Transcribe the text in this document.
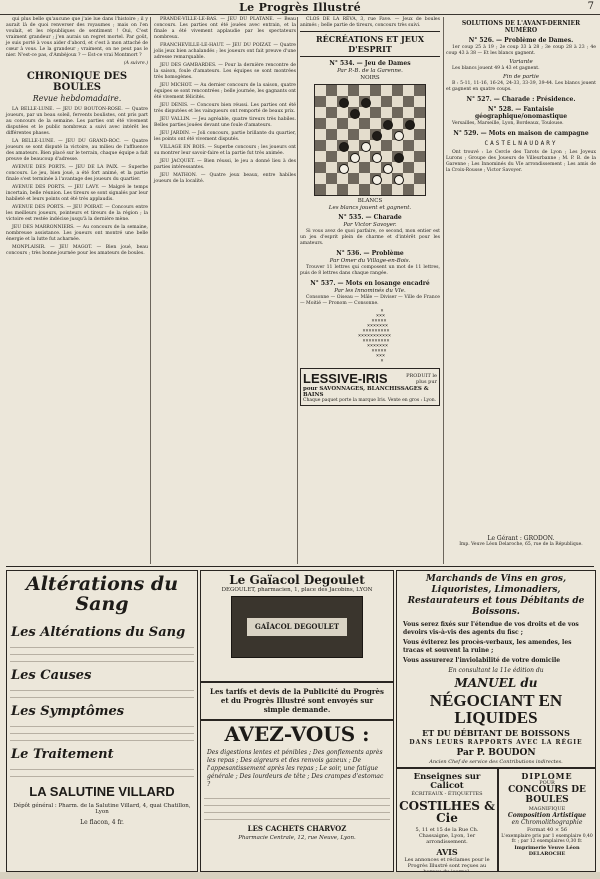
Le Progrès Illustré	7

qui plus belle qu'aucune que j'aie lue dans l'histoire ; il y aurait là de quoi renverser des royaumes ; mais on l'en voulait, et les républiques de sentiment ! Oui, C'est vraiment grandeur ; j'en aurais un regret mortel. Par goût, je suis porté à vous aider d'abord, et c'est à mon attaché de cœur à vous. Le la grandeur ; vraiment, on ne peut pas le nier. N'est-ce pas, d'Ambèjoux ? — Est-ce vrai Montmort ?

(A suivre.)

CHRONIQUE DES BOULES
Revue hebdomadaire.

LA BELLE-LUNE. — JEU DU BOUTON-ROSE. — Quatre joueurs, par un beau soleil, fervents boulistes, ont pris part au concours de la semaine. Les parties ont été vivement disputées et le public nombreux a suivi avec intérêt les différentes phases.

LA BELLE-LUNE. — JEU DU GRAND-ROC. — Quatre joueurs se sont disputé la victoire, au milieu de l'affluence des amateurs. Bien placé sur le terrain, chaque équipe a fait preuve de beaucoup d'adresse.

AVENUE DES PORTS. — JEU DE LA PAIX. — Superbe concours. Le jeu, bien joué, a été fort animé, et la partie finale s'est terminée à l'avantage des joueurs du quartier.

AVENUE DES PORTS. — JEU LAVY. — Malgré le temps incertain, belle réunion. Les tireurs se sont signalés par leur habileté et leurs points ont été très applaudis.

AVENUE DES PORTS. — JEU POIRAT. — Concours entre les meilleurs joueurs, pointeurs et tireurs de la région ; la victoire est restée indécise jusqu'à la dernière mène.

JEU DES MARRONNIERS. — Au concours de la semaine, nombreuse assistance. Les joueurs ont montré une belle énergie et la lutte fut acharnée.

MONPLAISIR. — JEU MAGOT. — Bien joué, beau concours ; très bonne journée pour les amateurs de boules.

PRANDE-VILLE-LE-BAS. — JEU DU PLATANE. — Beau concours. Les parties ont été jouées avec entrain, et la finale a été vivement applaudie par les spectateurs nombreux.

FRANCHEVILLE-LE-HAUT. — JEU DU POIZAT. — Quatre jolis jeux bien achalandés ; les joueurs ont fait preuve d'une adresse remarquable.

JEU DES GAMBARDES. — Pour la dernière rencontre de la saison, foule d'amateurs. Les équipes se sont montrées très homogènes.

JEU MICHOT. — Au dernier concours de la saison, quatre équipes se sont rencontrées ; belle journée, les gagnants ont été vivement félicités.

JEU DENIS. — Concours bien réussi. Les parties ont été très disputées et les vainqueurs ont remporté de beaux prix.

JEU VALLIN. — Jeu agréable, quatre tireurs très habiles. Belles parties jouées devant une foule d'amateurs.

JEU JARDIN. — Joli concours, partie brillante du quartier, les points ont été vivement disputés.

VILLAGE EN BOIS. — Superbe concours ; les joueurs ont su montrer leur savoir-faire et la partie fut très animée.

JEU JACQUET. — Bien réussi, le jeu a donné lieu à des parties intéressantes.

JEU MATHON. — Quatre jeux beaux, entre habiles joueurs de la localité.

CLOS DE LA RÉVA, 3, rue Fave. — Jeux de boules animés ; belle partie de tireurs, concours très suivi.

RÉCRÉATIONS ET JEUX D'ESPRIT
N° 534. — Jeu de Dames
Par P.-B. de la Garenne.
NOIRS
BLANCS
Les blancs jouent et gagnent.
N° 535. — Charade
Par Victor Savoyer.

Si vous avez de quoi parfaire, ce second, mon entier est un jeu d'esprit plein de charme et d'intérêt pour les amateurs.

N° 536. — Problème
Par Omer du Village-en-Bois.

Trouver 11 lettres qui composent un mot de 11 lettres, puis de 8 lettres dans chaque rangée.

N° 537. — Mots en losange encadré
Par les Innominés du VIe.

Consonne — Oiseau — Mâle — Diviser — Ville de France — Moitié — Pronom — Consonne.

×
×××
×××××
×××××××
×××××××××
×××××××××××
×××××××××
×××××××
×××××
×××
×
LESSIVE-IRIS	PRODUIT le plus pur
pour SAVONNAGES, BLANCHISSAGES & BAINS
Chaque paquet porte la marque Iris. Vente en gros : Lyon.
SOLUTIONS DE L'AVANT-DERNIER NUMÉRO
N° 526. — Problème de Dames.

1er coup 25 à 19 ; 2e coup 33 à 28 ; 3e coup 28 à 23 ; 4e coup 43 à 38 — Et les blancs gagnent.

Variante

Les blancs jouent 49 à 43 et gagnent.

Fin de partie

B : 5-11, 11-16, 16-24, 24-33, 33-39, 39-44. Les blancs jouent et gagnent en quatre coups.

N° 527. — Charade : Présidence.
N° 528. — Fantaisie géographique/onomastique

Versailles, Marseille, Lyon, Bordeaux, Toulouse.

N° 529. — Mots en maison de campagne
CASTELNAUDARY

Ont trouvé : Le Cercle des Tarots de Lyon ; Les Joyeux Lurons ; Groupe des Joueurs de Villeurbanne ; M. P. B. de la Garenne ; Les Innominés du VIe arrondissement ; Les amis de la Croix-Rousse ; Victor Savoyer.

Le Gérant : GRODON.
Imp. Veuve Léon Delaroche, 65, rue de la République.
Altérations du Sang
Les Altérations du Sang
Les Causes
Les Symptômes
Le Traitement
LA SALUTINE VILLARD
Dépôt général : Pharm. de la Salutine Villard, 4, quai Chatillon, Lyon
Le flacon, 4 fr.
Le Gaïacol Degoulet
DEGOULET, pharmacien, 1, place des Jacobins, LYON
GAÏACOL DEGOULET
Les tarifs et devis de la Publicité du Progrès et du Progrès Illustré sont envoyés sur simple demande.
AVEZ-VOUS :
Des digestions lentes et pénibles ; Des gonflements après les repas ; Des aigreurs et des renvois gazeux ; De l'appesantissement après les repas ; Le soir, une fatigue générale ; Des lourdeurs de tête ; Des crampes d'estomac ?
LES CACHETS CHARVOZ
Pharmacie Centrale, 12, rue Neuve, Lyon.
Marchands de Vins en gros, Liquoristes, Limonadiers, Restaurateurs et tous Débitants de Boissons.
Vous serez fixés sur l'étendue de vos droits et de vos devoirs vis-à-vis des agents du fisc ;
Vous éviterez les procès-verbaux, les amendes, les tracas et souvent la ruine ;
Vous assurerez l'inviolabilité de votre domicile
En consultant la 11e édition du
MANUEL du
NÉGOCIANT EN LIQUIDES
ET DU DÉBITANT DE BOISSONS
DANS LEURS RAPPORTS AVEC LA RÉGIE
Par P. BOUDON
Ancien Chef de service des Contributions indirectes.
Enseignes sur Calicot
ÉCRITEAUX - ÉTIQUETTES
COSTILHES & Cie
5, 11 et 15 de la Rue Ch. Chassaigne, Lyon, 1er arrondissement.
AVIS
Les annonces et réclames pour le Progrès Illustré sont reçues au
DIPLOME
POUR
CONCOURS DE BOULES
MAGNIFIQUE
Composition Artistique
en Chromolithographie
Format 40 × 56
L'exemplaire pris par 1 exemplaire 0,40 fr. ; par 12 exemplaires 0,30 fr.
Imprimerie Veuve Léon DELAROCHE
